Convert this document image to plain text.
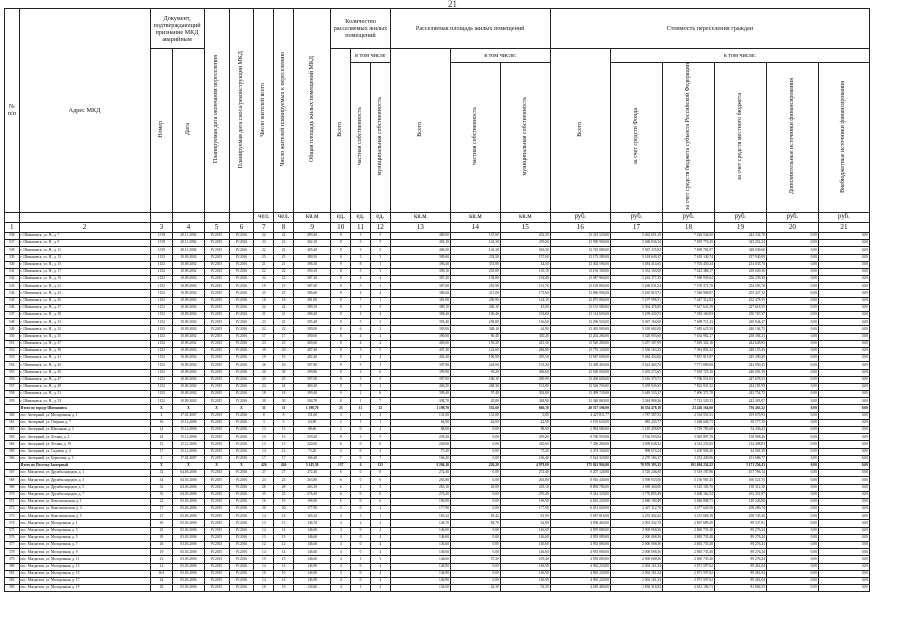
21
№ п/п	Адрес МКД	Документ, подтверждающий признание МКД аварийным		Планируемая дата окончания переселения	Планируемая дата сноса/реконструкции МКД	Число жителей всего	Число жителей планируемых к переселению	Общая площадь жилых помещений МКД	Количество расселяемых жилых помещений			Расселяемая площадь жилых помещений			Стоимость переселения граждан					
		Номер	Дата						Всего	в том числе		Всего	в том числе:		Всего	в том числе:				
										частная собственность	муниципальная собственность		частная собственность	муниципальная собственность		за счет средств Фонда	за счет средств бюджета субъекта Российской Федерации	за счет средств местного бюджета	Дополнительные источники финансирования	Внебюджетные источники финансирования
						чел.	чел.	кв.м	ед.	ед.	ед.	кв.м	кв.м	кв.м	руб.	руб.	руб.	руб.	руб.	руб.
1	2	3	4	5	6	7	8	9	10	11	12	13	14	15	16	17	18	19	20	21
536	г. Шимановск, ул. Н., д. 7	1519	20.11.2002	IV.2015	IV.2016	22	22	499,40	8	3	5	480,00	167,60	252,30	13 323 520,00	5 462 651,10	7 426 544,60	244 332,70	0,00	0,00
537	г. Шимановск, ул. Н., д. 9	1519	20.11.2002	IV.2015	IV.2016	23	23	402,10	8	3	5	402,10	142,30	259,20	13 590 900,00	5 468 836,14	7 819 770,45	345 252,24	0,00	0,00
538	г. Шимановск, ул. Н., д. 11	1519	20.11.2002	IV.2015	IV.2016	22	22	405,40	8	3	5	406,50	142,30	263,50	13 745 080,00	5 567 235,92	7 869 782,97	348 040,60	0,00	0,00
539	г. Шимановск, ул. Н., д. 13	1152	10.09.2002	IV.2015	IV.2016	25	25	389,50	8	3	5	389,60	232,50	157,00	13 175 280,00	5 318 649,17	7 619 149,74	237 940,00	0,00	0,00
540	г. Шимановск, ул. Н., д. 15	1152	10.09.2002	IV.2015	IV.2016	21	21	396,30	9	8	1	396,30	351,80	44,50	13 402 590,00	5 484 414,65	7 703 450,34	214 033,70	0,00	0,00
541	г. Шимановск, ул. Н., д. 17	1152	10.09.2002	IV.2015	IV.2016	22	22	390,10	8	5	3	390,10	255,00	135,10	13 193 180,00	5 332 163,00	7 623 388,17	239 029,16	0,00	0,00
542	г. Шимановск, ул. Н., д. 19	1152	10.09.2002	IV.2015	IV.2016	22	22	387,20	8	4	4	387,20	192,80	192,40	13 087 960,00	5 263 377,35	7 568 939,64	256 239,30	0,00	0,00
543	г. Шимановск, ул. Н., д. 21	1152	10.09.2002	IV.2015	IV.2016	19	19	387,60	8	5	3	387,60	255,90	131,70	13 105 800,00	5 268 031,34	7 576 371,76	254 593,70	0,00	0,00
544	г. Шимановск, ул. Н., д. 23	1152	10.09.2002	IV.2015	IV.2016	25	25	386,60	8	4	4	386,60	211,00	175,60	13 066 806,00	5 265 810,71	7 546 968,87	255 427,12	0,00	0,00
545	г. Шимановск, ул. Н., д. 25	1152	10.09.2002	IV.2015	IV.2016	18	18	381,00	8	7	1	381,00	256,90	124,10	12 875 800,00	5 197 998,51	7 447 312,84	232 478,55	0,00	0,00
546	г. Шимановск, ул. Н., д. 27	1152	10.09.2002	IV.2015	IV.2016	22	22	389,10	8	3	5	389,10	346,10	43,00	13 151 580,00	5 304 476,85	7 617 641,59	227 618,55	0,00	0,00
547	г. Шимановск, ул. Н., д. 29	1152	10.09.2002	IV.2015	IV.2016	21	21	388,40	8	4	4	388,40	196,40	192,00	13 114 600,00	5 299 430,73	7 584 160,03	230 767,37	0,00	0,00
548	г. Шимановск, ул. Н., д. 31	1152	10.09.2002	IV.2015	IV.2016	23	23	395,40	8	5	3	395,40	258,80	136,60	13 296 920,00	5 367 164,60	7 689 711,23	240 044,17	0,00	0,00
549	г. Шимановск, ул. Н., д. 33	1152	10.09.2002	IV.2015	IV.2016	22	22	393,00	8	6	2	393,00	348,10	44,90	13 265 080,00	5 339 682,00	7 685 625,59	240 104,75	0,00	0,00
550	г. Шимановск, ул. Н., д. 35	1152	10.09.2002	IV.2015	IV.2016	17	17	390,60	8	4	4	390,60	60,40	330,20	13 202 280,00	5 328 903,60	7 634 982,17	238 394,23	0,00	0,00
551	г. Шимановск, ул. Н., д. 37	1152	10.09.2002	IV.2015	IV.2016	23	23	400,60	8	4	4	400,60	159,20	241,30	13 520 280,00	5 457 307,99	7 818 322,16	244 649,85	0,00	0,00
552	г. Шимановск, ул. Н., д. 39	1152	10.09.2002	IV.2015	IV.2016	20	20	407,40	8	3	5	407,40	122,60	284,80	13 770 120,00	5 558 163,25	7 963 802,32	248 155,43	0,00	0,00
553	г. Шимановск, ул. Н., д. 41	1152	10.09.2002	IV.2015	IV.2016	19	19	402,40	8	4	4	402,40	106,90	295,50	13 587 690,00	5 484 454,06	7 857 815,97	245 290,39	0,00	0,00
554	г. Шимановск, ул. Н., д. 43	1152	10.09.2002	IV.2015	IV.2016	26	26	397,80	8	5	3	397,80	244,60	153,20	13 438 400,00	5 424 464,74	7 771 800,00	242 050,45	0,00	0,00
555	г. Шимановск, ул. Н., д. 45	1152	10.09.2002	IV.2015	IV.2016	30	30	399,80	8	2	6	399,80	93,20	306,60	13 520 000,00	5 455 273,65	7 818 725,16	246 001,30	0,00	0,00
556	г. Шимановск, ул. Н., д. 47	1152	10.09.2002	IV.2015	IV.2016	25	25	397,00	8	3	5	397,00	106,10	290,90	13 430 600,00	5 416 370,71	7 766 551,03	247 678,31	0,00	0,00
557	г. Шимановск, ул. Н., д. 49	1152	10.09.2002	IV.2015	IV.2016	24	24	400,20	8	5	3	400,20	268,30	131,80	13 526 760,00	5 459 926,33	7 822 031,52	244 181,99	0,00	0,00
558	г. Шимановск, ул. Н., д. 51	1152	10.09.2002	IV.2015	IV.2016	18	18	399,40	8	2	6	399,40	97,40	302,00	13 499 720,00	5 449 533,17	7 806 371,70	243 754,75	0,00	0,00
559	г. Шимановск, ул. Н., д. 53	1152	10.09.2002	IV.2015	IV.2016	30	30	394,70	8	1	7	394,70	45,80	348,90	13 340 860,00	5 384 988,36	7 713 529,33	242 383,07	0,00	0,00
	Итого по городу Шимановск	X	X	X	X	31	31	1 198,70	23	11	12	1 198,70	532,60	666,10	40 517 106,00	16 354 478,18	23 426 164,60	736 463,22	0,00	0,00
560	пос. Заозерный, ул. Молодежная, д. 1	2	17.01.2007	IV.2015	IV.2016	8	8	131,00	3	1	2	131,00	131,00	0,00	4 427 811,77	1 787 587,53	2 534 553,31	105 670,93	0,00	0,00
561	пос. Заозерный, ул. Озерная, д. 7	16	15.12.2006	IV.2015	IV.2016	3	3	64,90	2	1	1	64,90	22,00	42,90	2 193 620,00	885 435,77	1 268 606,73	39 577,50	0,00	0,00
562	пос. Заозерный, ул. Школьная, д. 3	14	15.12.2006	IV.2015	IV.2016	13	13	88,60	2	0	2	88,60	0,00	88,60	2 994 680,00	1 210 458,09	1 729 785,68	54 436,23	0,00	0,00
563	пос. Заозерный, ул. Лесная, д. 2	24	15.12.2006	IV.2015	IV.2016	13	13	259,20	8	3	5	259,20	0,00	259,20	8 760 959,00	3 536 093,04	5 065 897,70	158 968,26	0,00	0,00
564	пос. Заозерный, ул. Лесная, д. 19	15	15.12.2006	IV.2015	IV.2016	13	13	220,60	6	0	6	220,60	0,00	220,60	7 456 280,00	3 009 638,12	4 312 233,05	134 408,83	0,00	0,00
565	пос. Заозерный, ул. Садовая, д. 4	17	15.12.2006	IV.2015	IV.2016	14	14	73,20	2	0	2	73,20	0,00	73,20	2 474 160,00	998 674,24	1 430 904,46	44 581,30	0,00	0,00
566	пос. Заозерный, ул. Береговая, д. 3	3	17.01.2007	IV.2015	IV.2016	17	17	166,40	7	0	7	166,40	0,00	166,40	5 624 320,00	2 270 184,17	3 252 449,06	101 686,77	0,00	0,00
	Итого по Поселку Заозерный	X	X	X	X	426	426	5 145,30	137	4	133	5 204,10	226,20	4 978,00	175 841 904,00	70 976 393,35	101 694 254,22	3 171 256,43	0,00	0,00
567	пос. Магдагачи, ул. Дружбы народов, д. 1	32	04.03.2006	IV.2015	IV.2016	27	27	272,40	6	0	6	272,40	0,00	272,40	9 207 120,00	3 720 246,00	5 319 107,86	167 766,14	0,00	0,00
568	пос. Магдагачи, ул. Дружбы народов, д. 3	34	04.03.2006	IV.2015	IV.2016	23	23	263,80	6	0	6	263,80	0,00	263,80	8 916 440,00	3 598 933,00	5 156 985,45	160 521,55	0,00	0,00
569	пос. Магдагачи, ул. Дружбы народов, д. 5	33	04.03.2006	IV.2015	IV.2016	28	28	263,10	6	1	5	263,10	45,00	218,10	8 892 780,00	3 589 364,00	5 145 103,70	158 312,30	0,00	0,00
570	пос. Магдагачи, ул. Дружбы народов, д. 7	35	04.03.2006	IV.2015	IV.2016	25	25	276,40	6	0	6	276,40	0,00	276,40	9 342 320,00	3 770 805,49	5 408 162,54	163 351,97	0,00	0,00
571	пос. Магдагачи, ул. Комсомольская, д. 1	22	03.03.2006	IV.2015	IV.2016	16	16	196,90	6	0	6	196,90	0,00	196,90	6 653 220,00	2 686 184,49	3 846 808,71	120 226,80	0,00	0,00
572	пос. Магдагачи, ул. Комсомольская, д. 3	17	03.03.2006	IV.2015	IV.2016	20	20	177,90	3	0	3	177,90	0,00	177,90	6 013 020,00	2 427 112,70	3 477 626,56	108 280,74	0,00	0,00
573	пос. Магдагачи, ул. Комсомольская, д. 5	27	03.03.2006	IV.2015	IV.2016	14	14	165,32	4	3	1	165,32	83,42	81,90	5 587 816,00	2 255 402,42	3 231 668,18	100 745,40	0,00	0,00
574	пос. Магдагачи, ул. Молодежная, д. 1	30	03.03.2006	IV.2015	IV.2016	13	13	146,70	4	2	2	146,70	84,70	62,00	4 958 460,00	2 001 432,70	2 867 689,49	89 337,81	0,00	0,00
575	пос. Магдагачи, ул. Молодежная, д. 3	25	03.03.2006	IV.2015	IV.2016	14	14	146,60	4	0	4	146,60	0,00	146,60	4 955 080,00	2 000 068,36	2 865 735,40	89 276,24	0,00	0,00
576	пос. Магдагачи, ул. Молодежная, д. 5	29	03.03.2006	IV.2015	IV.2016	13	13	146,60	4	0	4	146,60	0,00	146,60	4 955 080,00	2 000 068,36	2 865 735,40	89 276,24	0,00	0,00
577	пос. Магдагачи, ул. Молодежная, д. 7	26	03.03.2006	IV.2015	IV.2016	12	12	146,60	4	0	4	146,60	0,00	146,60	4 955 080,00	2 000 068,36	2 865 735,40	89 276,24	0,00	0,00
578	пос. Магдагачи, ул. Молодежная, д. 9	19	03.03.2006	IV.2015	IV.2016	14	14	146,60	4	0	4	146,60	0,00	146,60	4 955 080,00	2 000 068,36	2 865 735,40	89 276,24	0,00	0,00
579	пос. Магдагачи, ул. Молодежная, д. 11	23	03.03.2006	IV.2015	IV.2016	15	15	146,60	4	1	3	146,60	37,20	109,40	4 955 080,00	2 000 068,36	2 865 735,40	89 276,24	0,00	0,00
580	пос. Магдагачи, ул. Молодежная, д. 13	21	03.03.2006	IV.2015	IV.2016	14	14	146,90	4	0	4	146,90	0,00	146,90	4 965 220,00	2 004 161,34	2 871 597,62	89 461,04	0,00	0,00
581	пос. Магдагачи, ул. Молодежная, д. 15	16/1	03.03.2006	IV.2015	IV.2016	10	10	146,90	4	0	4	146,90	0,00	146,90	4 965 220,00	2 004 161,34	2 871 597,62	89 461,04	0,00	0,00
582	пос. Магдагачи, ул. Молодежная, д. 17	24	03.03.2006	IV.2015	IV.2016	14	14	146,90	4	0	4	146,90	0,00	146,90	4 965 220,00	2 004 161,34	2 871 597,62	89 461,04	0,00	0,00
583	пос. Магдагачи, ул. Молодежная, д. 19	28	03.03.2006	IV.2015	IV.2016	10	10	134,60	4	1	3	134,60	42,30	92,30	4 549 480,00	1 836 316,92	2 631 196,73	81 966,35	0,00	0,00
